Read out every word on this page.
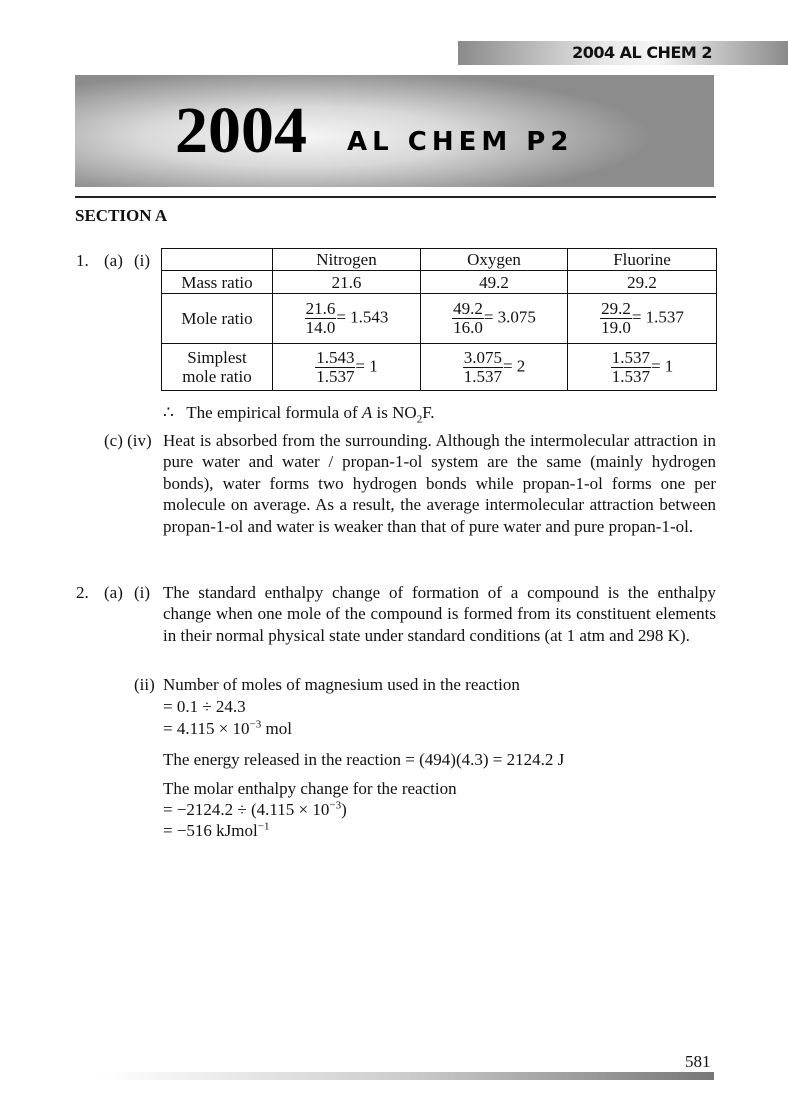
2004 AL CHEM 2
2004 AL CHEM P2
SECTION A
1. (a) (i)
		Nitrogen	Oxygen	Fluorine
Mass ratio	21.6	49.2	29.2
Mole ratio	$\frac{21.6}{14.0} = 1.543$	$\frac{49.2}{16.0} = 3.075$	$\frac{29.2}{19.0} = 1.537$
Simplest
mole ratio	$\frac{1.543}{1.537} = 1$	$\frac{3.075}{1.537} = 2$	$\frac{1.537}{1.537} = 1$
∴ The empirical formula of A is $NO_2F$.
(c) (iv) Heat is absorbed from the surrounding. Although the intermolecular attraction in pure water and water / propan-1-ol system are the same (mainly hydrogen bonds), water forms two hydrogen bonds while propan-1-ol forms one per molecule on average. As a result, the average intermolecular attraction between propan-1-ol and water is weaker than that of pure water and pure propan-1-ol.
2. (a) (i) The standard enthalpy change of formation of a compound is the enthalpy change when one mole of the compound is formed from its constituent elements in their normal physical state under standard conditions (at 1 atm and 298 K).
(ii) Number of moles of magnesium used in the reaction
= 0.1 ÷ 24.3
= $4.115 \times 10^{-3}$ mol
The energy released in the reaction = (494)(4.3) = 2124.2 J
The molar enthalpy change for the reaction
= $-2124.2 \div (4.115 \times 10^{-3})$
= −516 kJmol$^{-1}$
581
